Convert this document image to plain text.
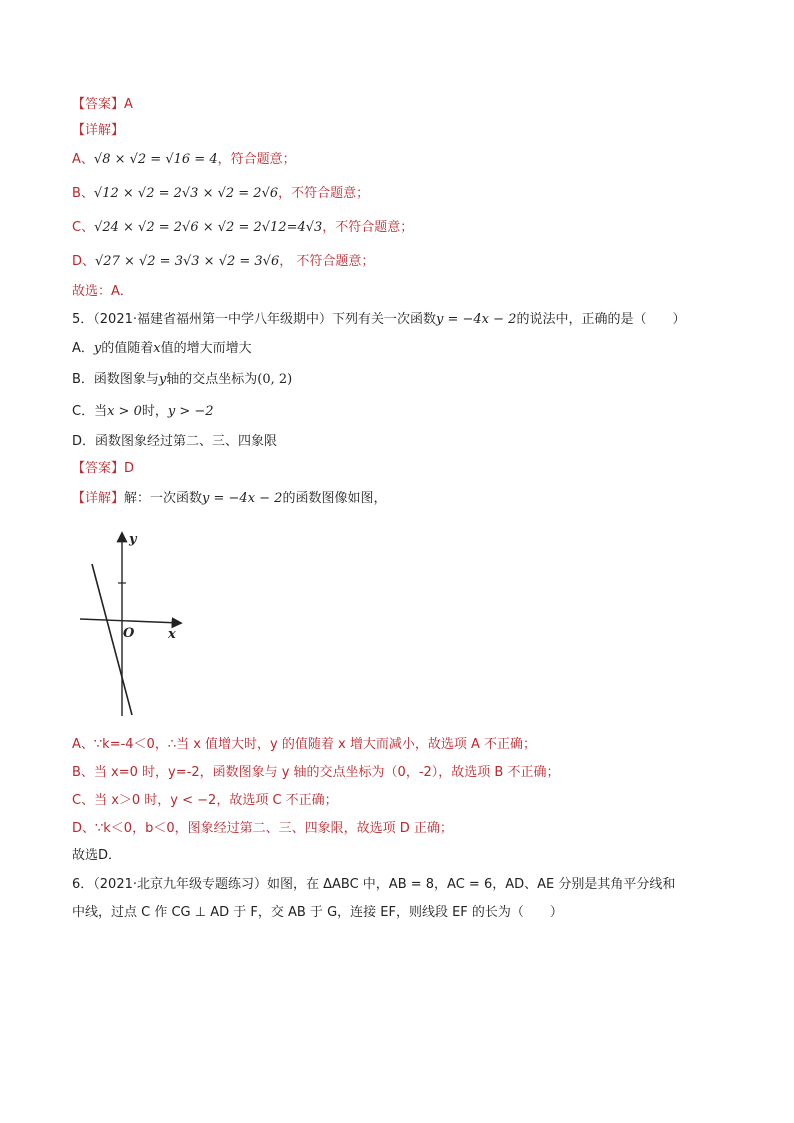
【答案】A
【详解】
A、√8 × √2 = √16 = 4，符合题意；
B、√12 × √2 = 2√3 × √2 = 2√6，不符合题意；
C、√24 × √2 = 2√6 × √2 = 2√12=4√3，不符合题意；
D、√27 × √2 = 3√3 × √2 = 3√6， 不符合题意；
故选：A．
5．（2021·福建省福州第一中学八年级期中）下列有关一次函数y = −4x − 2的说法中，正确的是（　　）
A．y的值随着x值的增大而增大
B．函数图象与y轴的交点坐标为(0, 2)
C．当x > 0时，y > −2
D．函数图象经过第二、三、四象限
【答案】D
【详解】解：一次函数y = −4x − 2的函数图像如图，
y
x
O
A、∵k=-4＜0，∴当 x 值增大时，y 的值随着 x 增大而减小，故选项 A 不正确；
B、当 x=0 时，y=-2，函数图象与 y 轴的交点坐标为（0，-2），故选项 B 不正确；
C、当 x＞0 时，y < −2，故选项 C 不正确；
D、∵k＜0，b＜0，图象经过第二、三、四象限，故选项 D 正确；
故选D．
6．（2021·北京九年级专题练习）如图，在 ΔABC 中，AB = 8，AC = 6，AD、AE 分别是其角平分线和
中线，过点 C 作 CG ⊥ AD 于 F，交 AB 于 G，连接 EF，则线段 EF 的长为（　　）
